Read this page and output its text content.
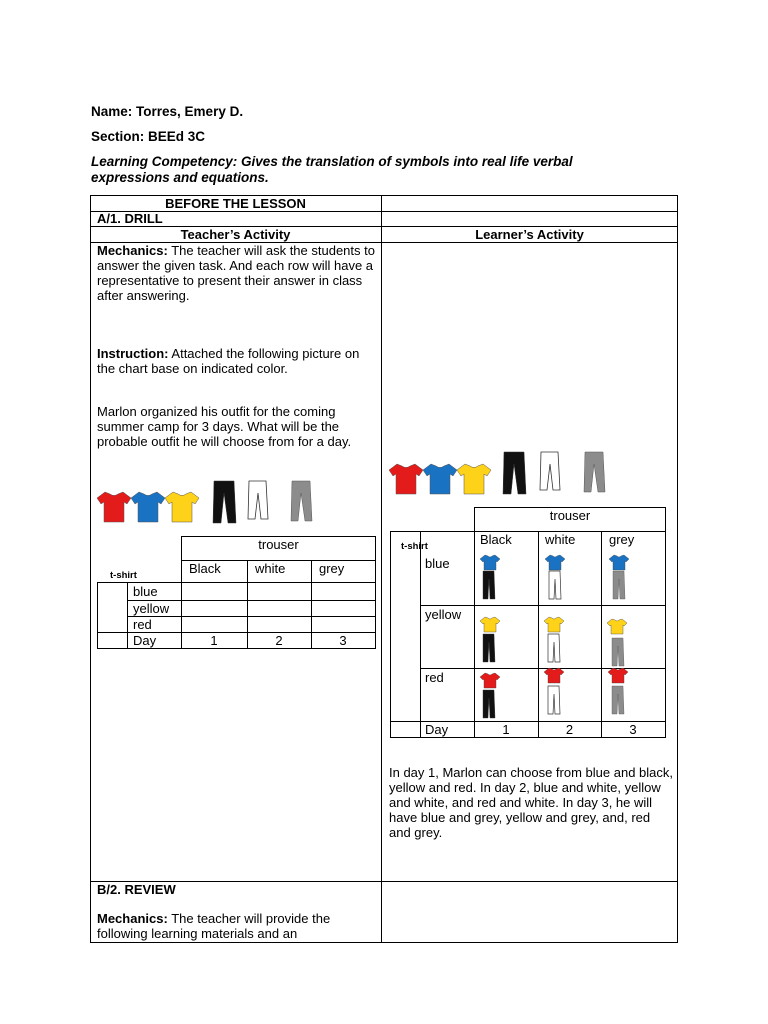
Name: Torres, Emery D.
Section: BEEd 3C
Learning Competency: Gives the translation of symbols into real life verbal expressions and equations.
BEFORE THE LESSON
A/1. DRILL
Teacher’s Activity	Learner’s Activity
Mechanics: The teacher will ask the students to answer the given task. And each row will have a representative to present their answer in class after answering.
Instruction: Attached the following picture on the chart base on indicated color.
Marlon organized his outfit for the coming summer camp for 3 days. What will be the probable outfit he will choose from for a day.
trouser
t-shirt	Black	white	grey
blue
yellow
red
Day	1	2	3
trouser
t-shirt	Black	white	grey
blue
yellow
red
Day	1	2	3
In day 1, Marlon can choose from blue and black, yellow and red. In day 2, blue and white, yellow and white, and red and white. In day 3, he will have blue and grey, yellow and grey, and, red and grey.
B/2. REVIEW
Mechanics: The teacher will provide the following learning materials and an
